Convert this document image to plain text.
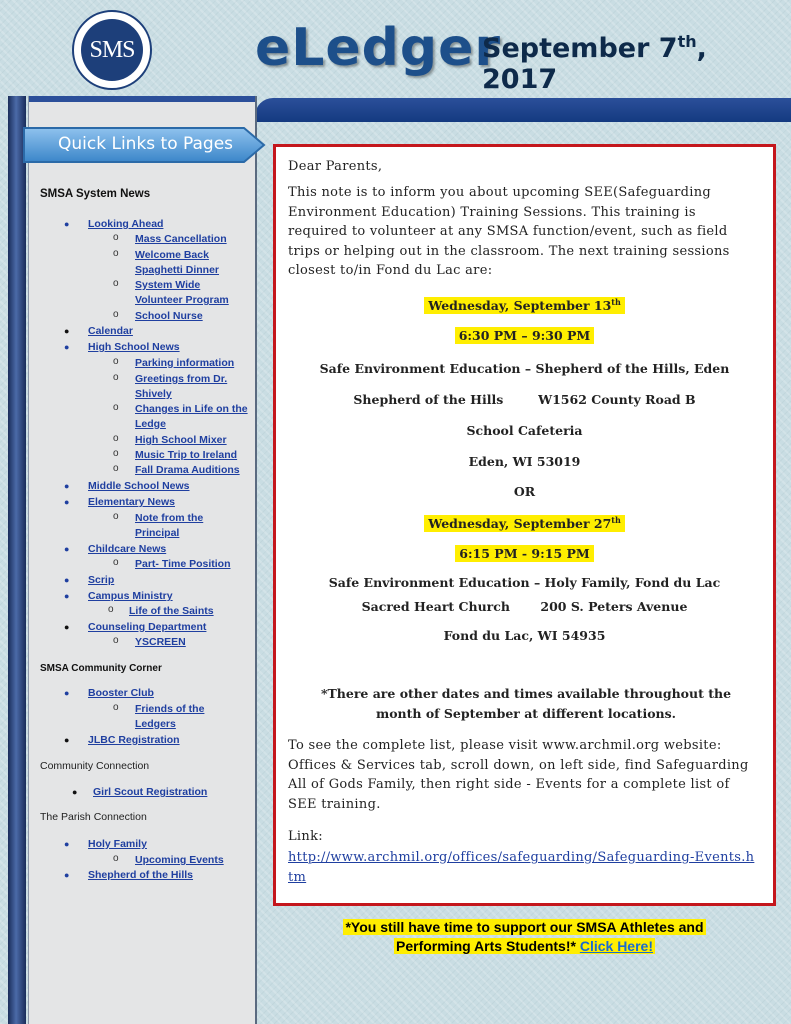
SMS eLedger
September 7th, 2017
Quick Links to Pages
SMSA System News
● Looking Ahead
o Mass Cancellation
o Welcome Back
Spaghetti Dinner
o System Wide
Volunteer Program
o School Nurse
● Calendar
● High School News
o Parking information
o Greetings from Dr.
Shively
o Changes in Life on the
Ledge
o High School Mixer
o Music Trip to Ireland
o Fall Drama Auditions
● Middle School News
● Elementary News
o Note from the
Principal
● Childcare News
o Part- Time Position
● Scrip
● Campus Ministry
o Life of the Saints
● Counseling Department
o YSCREEN
SMSA Community Corner
● Booster Club
o Friends of the
Ledgers
● JLBC Registration
Community Connection
● Girl Scout Registration
The Parish Connection
● Holy Family
o Upcoming Events
● Shepherd of the Hills
Dear Parents,
This note is to inform you about upcoming SEE(Safeguarding Environment Education) Training Sessions. This training is required to volunteer at any SMSA function/event, such as field trips or helping out in the classroom. The next training sessions closest to/in Fond du Lac are:
Wednesday, September 13th
6:30 PM – 9:30 PM
Safe Environment Education – Shepherd of the Hills, Eden
Shepherd of the Hills        W1562 County Road B
School Cafeteria
Eden, WI 53019
OR
Wednesday, September 27th
6:15 PM - 9:15 PM
Safe Environment Education – Holy Family, Fond du Lac
Sacred Heart Church       200 S. Peters Avenue
Fond du Lac, WI 54935
*There are other dates and times available throughout the month of September at different locations.
To see the complete list, please visit www.archmil.org website: Offices & Services tab, scroll down, on left side, find Safeguarding All of Gods Family, then right side - Events for a complete list of SEE training.
Link:
http://www.archmil.org/offices/safeguarding/Safeguarding-Events.htm
*You still have time to support our SMSA Athletes and
Performing Arts Students!* Click Here!
